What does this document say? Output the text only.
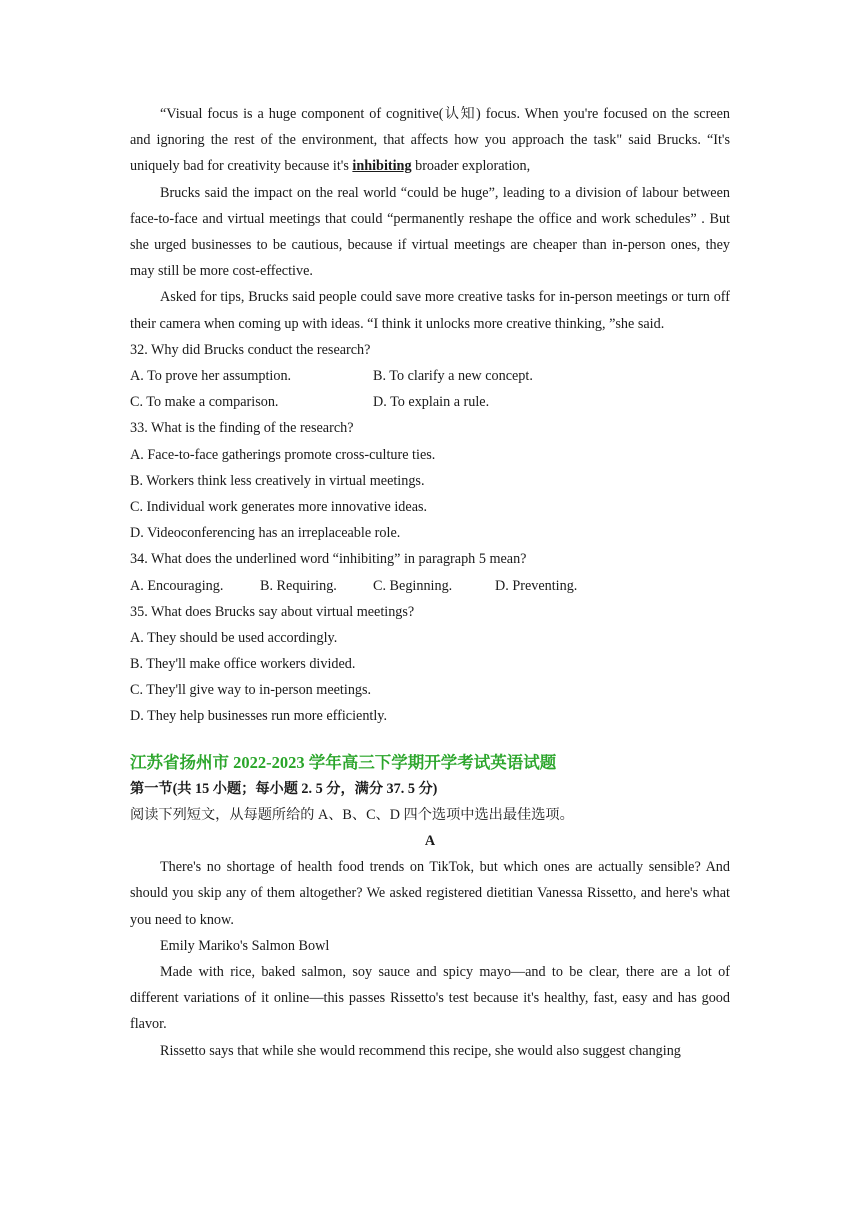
“Visual focus is a huge component of cognitive(认知) focus. When you're focused on the screen and ignoring the rest of the environment, that affects how you approach the task" said Brucks. “It's uniquely bad for creativity because it's inhibiting broader exploration,

Brucks said the impact on the real world “could be huge”, leading to a division of labour between face-to-face and virtual meetings that could “permanently reshape the office and work schedules” . But she urged businesses to be cautious, because if virtual meetings are cheaper than in-person ones, they may still be more cost-effective.

Asked for tips, Brucks said people could save more creative tasks for in-person meetings or turn off their camera when coming up with ideas. “I think it unlocks more creative thinking, ”she said.

32. Why did Brucks conduct the research?

A. To prove her assumption.	B. To clarify a new concept.
C. To make a comparison.	D. To explain a rule.

33. What is the finding of the research?

A. Face-to-face gatherings promote cross-culture ties.

B. Workers think less creatively in virtual meetings.

C. Individual work generates more innovative ideas.

D. Videoconferencing has an irreplaceable role.

34. What does the underlined word “inhibiting” in paragraph 5 mean?

A. Encouraging.	B. Requiring.	C. Beginning.	D. Preventing.

35. What does Brucks say about virtual meetings?

A. They should be used accordingly.

B. They'll make office workers divided.

C. They'll give way to in-person meetings.

D. They help businesses run more efficiently.

江苏省扬州市 2022-2023 学年高三下学期开学考试英语试题

第一节(共 15 小题；每小题 2. 5 分，满分 37. 5 分)

阅读下列短文，从每题所给的 A、B、C、D 四个选项中选出最佳选项。

A

There's no shortage of health food trends on TikTok, but which ones are actually sensible? And should you skip any of them altogether? We asked registered dietitian Vanessa Rissetto, and here's what you need to know.

Emily Mariko's Salmon Bowl

Made with rice, baked salmon, soy sauce and spicy mayo—and to be clear, there are a lot of different variations of it online—this passes Rissetto's test because it's healthy, fast, easy and has good flavor.

Rissetto says that while she would recommend this recipe, she would also suggest changing
